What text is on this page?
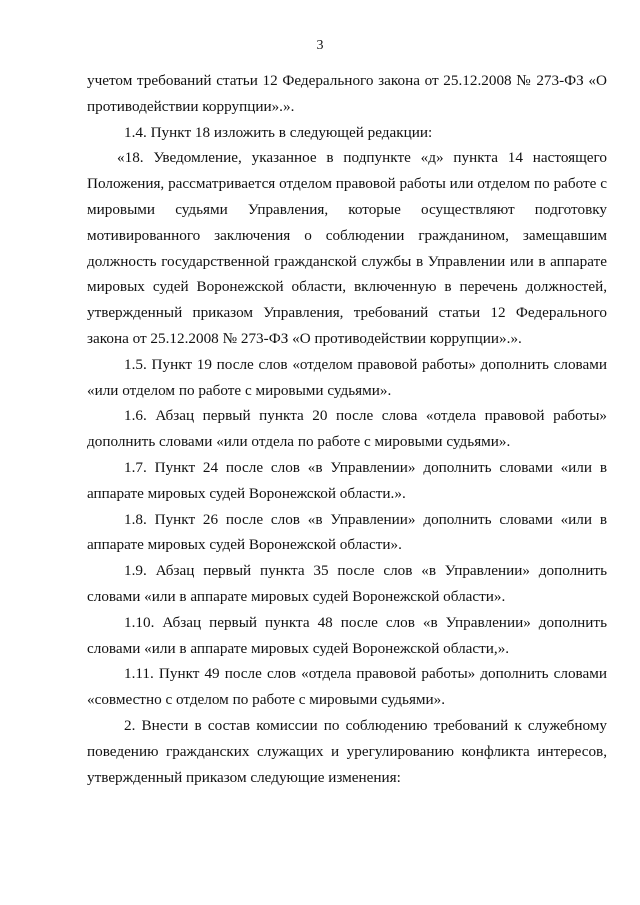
3

учетом требований статьи 12 Федерального закона от 25.12.2008 № 273-ФЗ «О противодействии коррупции».».

1.4. Пункт 18 изложить в следующей редакции:

«18. Уведомление, указанное в подпункте «д» пункта 14 настоящего Положения, рассматривается отделом правовой работы или отделом по работе с мировыми судьями Управления, которые осуществляют подготовку мотивированного заключения о соблюдении гражданином, замещавшим должность государственной гражданской службы в Управлении или в аппарате мировых судей Воронежской области, включенную в перечень должностей, утвержденный приказом Управления, требований статьи 12 Федерального закона от 25.12.2008 № 273-ФЗ «О противодействии коррупции».».

1.5. Пункт 19 после слов «отделом правовой работы» дополнить словами «или отделом по работе с мировыми судьями».

1.6. Абзац первый пункта 20 после слова «отдела правовой работы» дополнить словами «или отдела по работе с мировыми судьями».

1.7. Пункт 24 после слов «в Управлении» дополнить словами «или в аппарате мировых судей Воронежской области.».

1.8. Пункт 26 после слов «в Управлении» дополнить словами «или в аппарате мировых судей Воронежской области».

1.9. Абзац первый пункта 35 после слов «в Управлении» дополнить словами «или в аппарате мировых судей Воронежской области».

1.10. Абзац первый пункта 48 после слов «в Управлении» дополнить словами «или в аппарате мировых судей Воронежской области,».

1.11. Пункт 49 после слов «отдела правовой работы» дополнить словами «совместно с отделом по работе с мировыми судьями».

2. Внести в состав комиссии по соблюдению требований к служебному поведению гражданских служащих и урегулированию конфликта интересов, утвержденный приказом следующие изменения:
